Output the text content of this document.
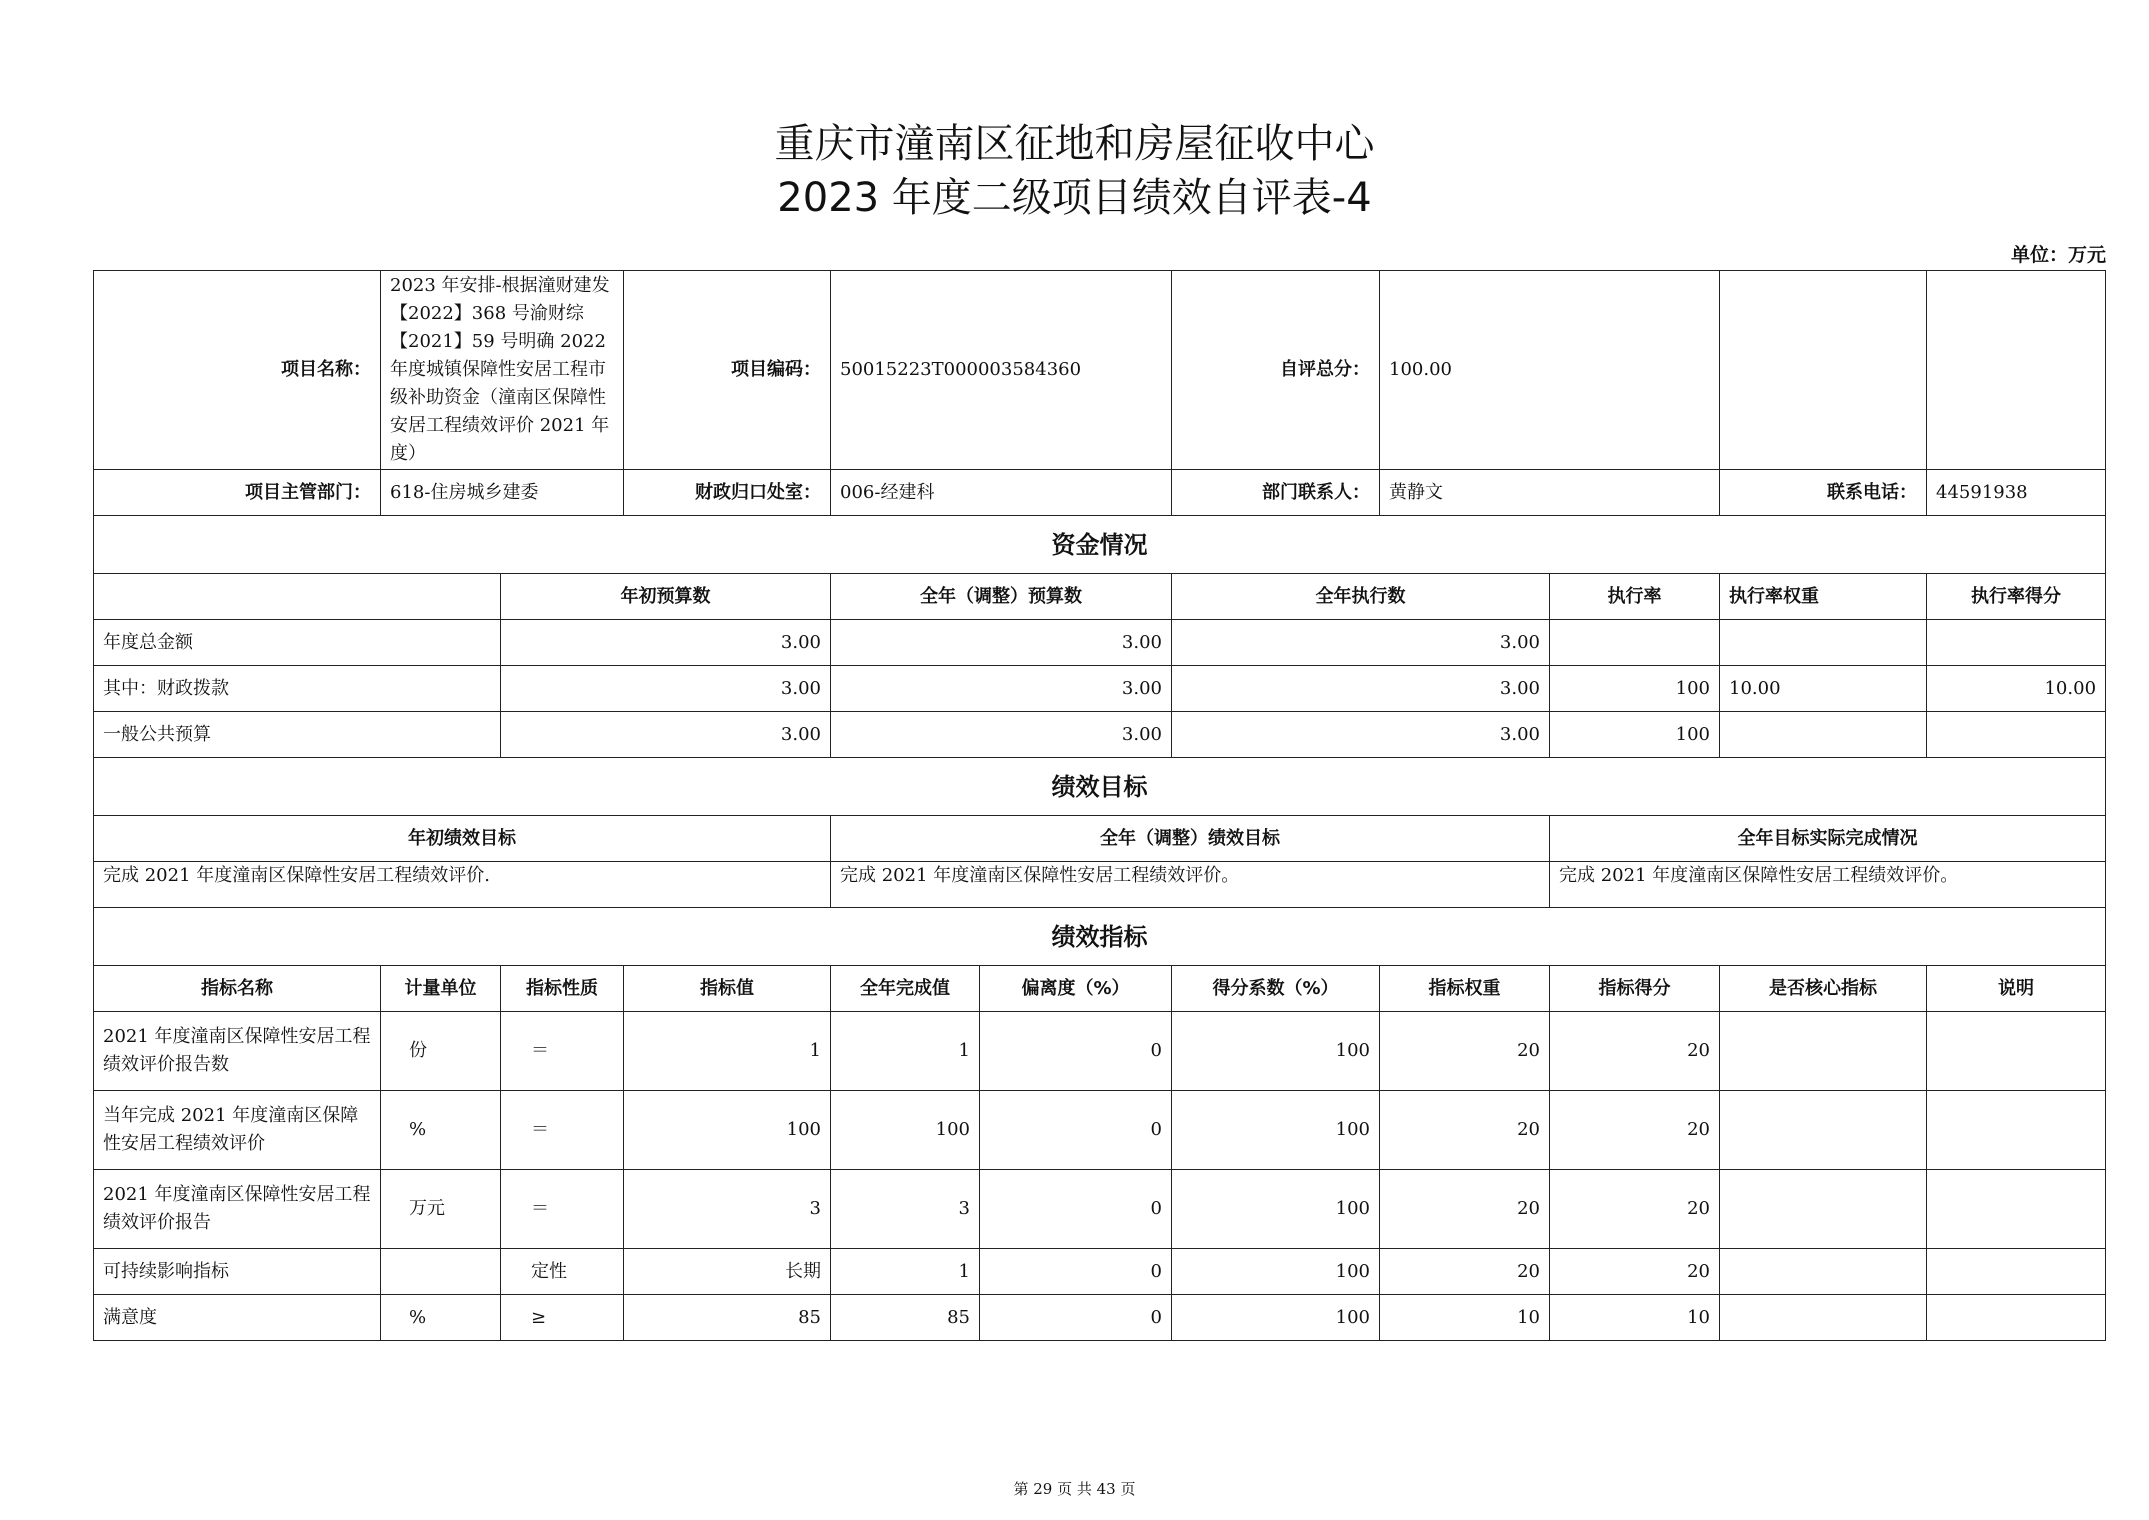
重庆市潼南区征地和房屋征收中心
2023 年度二级项目绩效自评表-4
单位：万元
项目名称：	2023 年安排-根据潼财建发【2022】368 号渝财综【2021】59 号明确 2022 年度城镇保障性安居工程市级补助资金（潼南区保障性安居工程绩效评价 2021 年度）		项目编码：	50015223T000003584360		自评总分：	100.00			
项目主管部门：	618-住房城乡建委		财政归口处室：	006-经建科		部门联系人：	黄静文		联系电话：	44591938
资金情况										
		年初预算数		全年（调整）预算数		全年执行数		执行率	执行率权重	执行率得分
年度总金额		3.00		3.00		3.00				
其中：财政拨款		3.00		3.00		3.00		100	10.00	10.00
一般公共预算		3.00		3.00		3.00		100		
绩效目标										
年初绩效目标				全年（调整）绩效目标				全年目标实际完成情况		
完成 2021 年度潼南区保障性安居工程绩效评价.				完成 2021 年度潼南区保障性安居工程绩效评价。				完成 2021 年度潼南区保障性安居工程绩效评价。		
绩效指标										
指标名称	计量单位	指标性质	指标值	全年完成值	偏离度（%）	得分系数（%）	指标权重	指标得分	是否核心指标	说明
2021 年度潼南区保障性安居工程绩效评价报告数	份	＝	1	1	0	100	20	20		
当年完成 2021 年度潼南区保障性安居工程绩效评价	%	＝	100	100	0	100	20	20		
2021 年度潼南区保障性安居工程绩效评价报告	万元	＝	3	3	0	100	20	20		
可持续影响指标		定性	长期	1	0	100	20	20		
满意度	%	≥	85	85	0	100	10	10		
第 29 页 共 43 页
